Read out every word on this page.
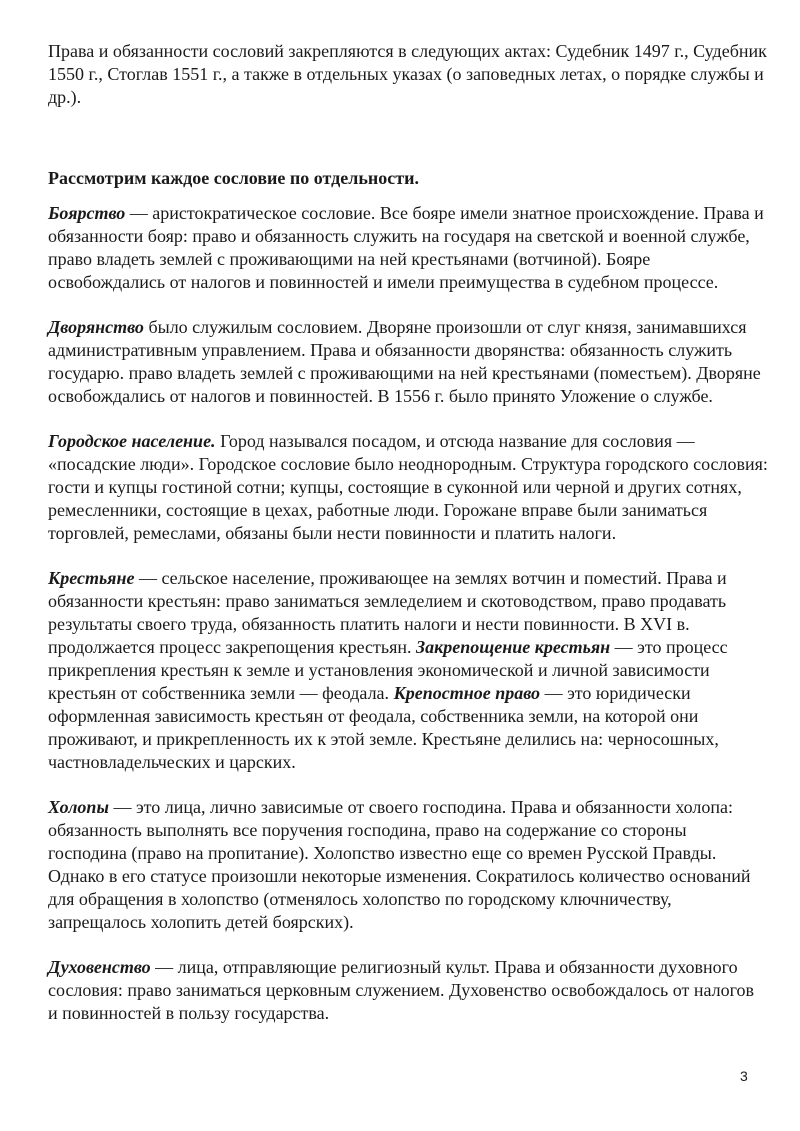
Права и обязанности сословий закрепляются в следующих актах: Судебник 1497 г., Судебник 1550 г., Стоглав 1551 г., а также в отдельных указах (о заповедных летах, о порядке службы и др.).

Рассмотрим каждое сословие по отдельности.

Боярство — аристократическое сословие. Все бояре имели знатное происхождение. Права и обязанности бояр: право и обязанность служить на государя на светской и военной службе, право владеть землей с проживающими на ней крестьянами (вотчиной). Бояре освобождались от налогов и повинностей и имели преимущества в судебном процессе.

Дворянство было служилым сословием. Дворяне произошли от слуг князя, занимавшихся административным управлением. Права и обязанности дворянства: обязанность служить государю. право владеть землей с проживающими на ней крестьянами (поместьем). Дворяне освобождались от налогов и повинностей. В 1556 г. было принято Уложение о службе.

Городское население. Город назывался посадом, и отсюда название для сословия — «посадские люди». Городское сословие было неоднородным. Структура городского сословия: гости и купцы гостиной сотни; купцы, состоящие в суконной или черной и других сотнях, ремесленники, состоящие в цехах, работные люди. Горожане вправе были заниматься торговлей, ремеслами, обязаны были нести повинности и платить налоги.

Крестьяне — сельское население, проживающее на землях вотчин и поместий. Права и обязанности крестьян: право заниматься земледелием и скотоводством, право продавать результаты своего труда, обязанность платить налоги и нести повинности. В XVI в. продолжается процесс закрепощения крестьян. Закрепощение крестьян — это процесс прикрепления крестьян к земле и установления экономической и личной зависимости крестьян от собственника земли — феодала. Крепостное право — это юридически оформленная зависимость крестьян от феодала, собственника земли, на которой они проживают, и прикрепленность их к этой земле. Крестьяне делились на: черносошных, частновладельческих и царских.

Холопы — это лица, лично зависимые от своего господина. Права и обязанности холопа: обязанность выполнять все поручения господина, право на содержание со стороны господина (право на пропитание). Холопство известно еще со времен Русской Правды. Однако в его статусе произошли некоторые изменения. Сократилось количество оснований для обращения в холопство (отменялось холопство по городскому ключничеству, запрещалось холопить детей боярских).

Духовенство — лица, отправляющие религиозный культ. Права и обязанности духовного сословия: право заниматься церковным служением. Духовенство освобождалось от налогов и повинностей в пользу государства.

3
